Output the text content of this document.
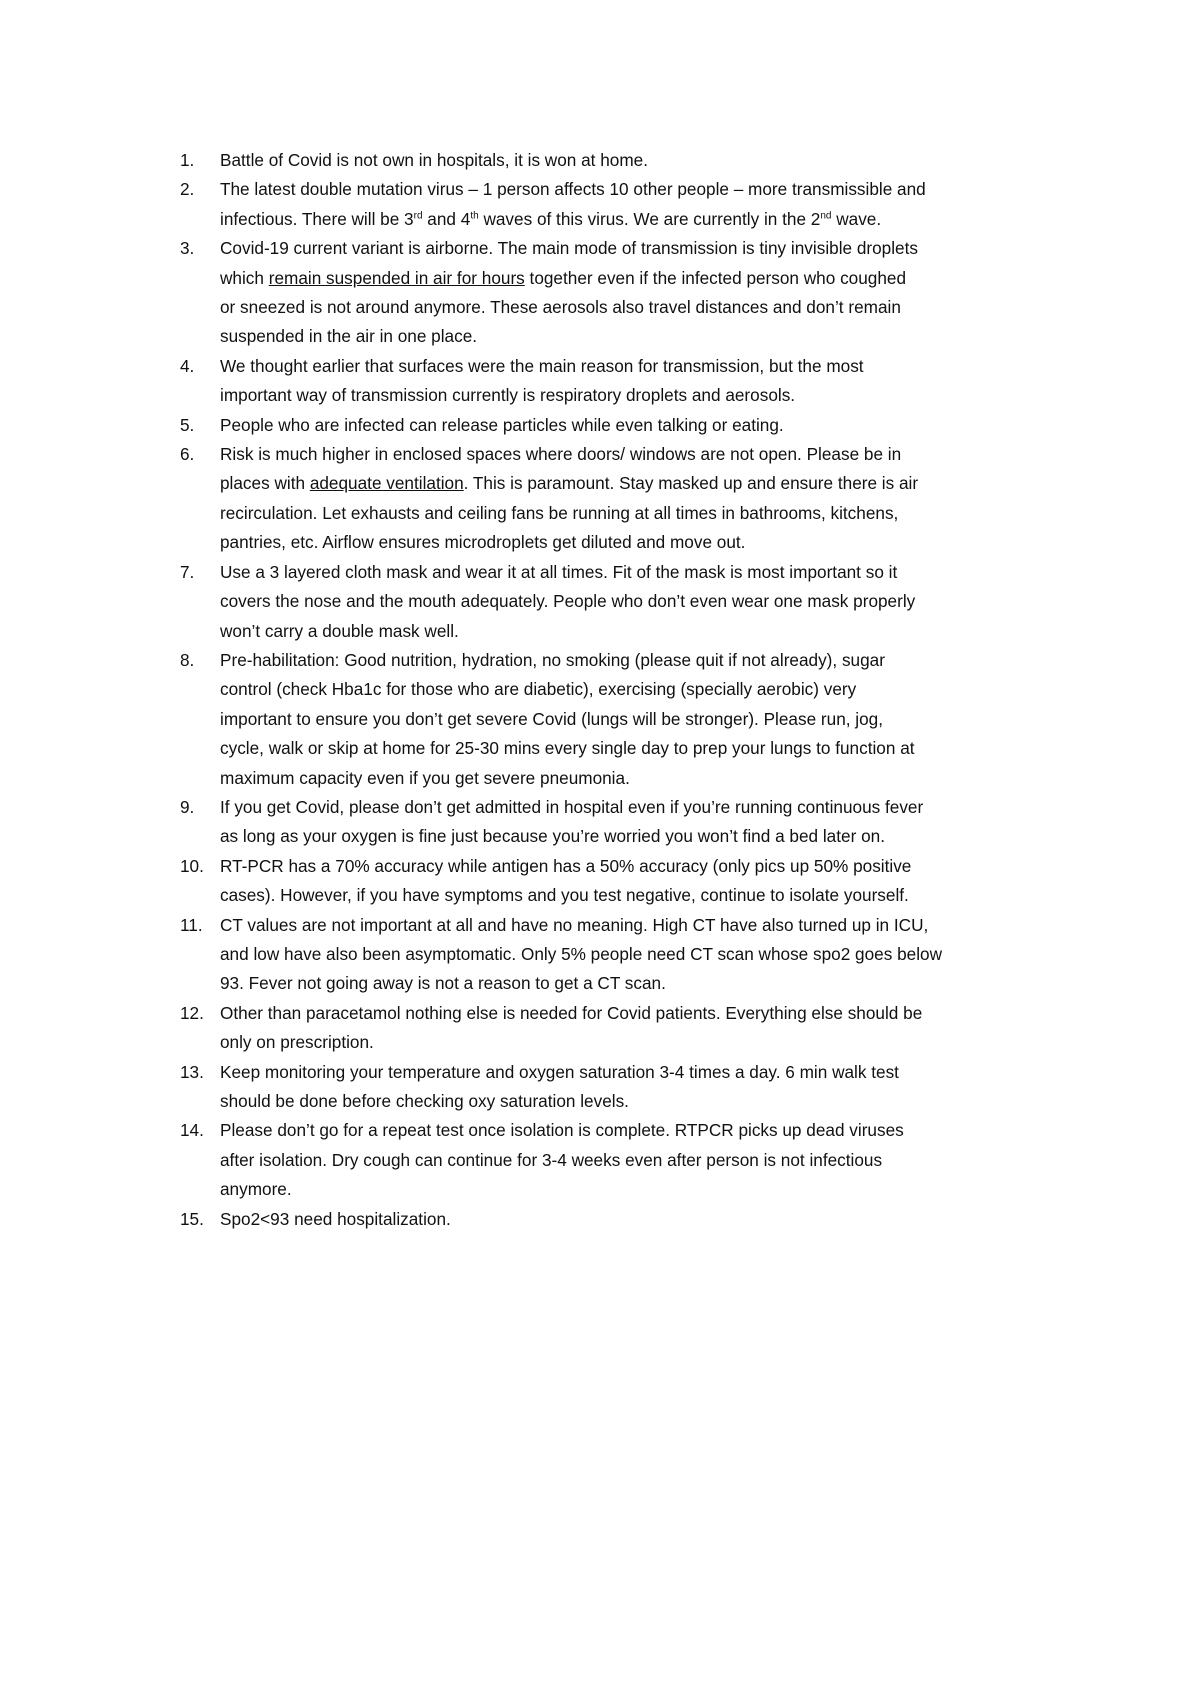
1.	Battle of Covid is not own in hospitals, it is won at home.
2.	The latest double mutation virus – 1 person affects 10 other people – more transmissible and
infectious. There will be 3rd and 4th waves of this virus. We are currently in the 2nd wave.
3.	Covid-19 current variant is airborne. The main mode of transmission is tiny invisible droplets
which remain suspended in air for hours together even if the infected person who coughed
or sneezed is not around anymore. These aerosols also travel distances and don’t remain
suspended in the air in one place.
4.	We thought earlier that surfaces were the main reason for transmission, but the most
important way of transmission currently is respiratory droplets and aerosols.
5.	People who are infected can release particles while even talking or eating.
6.	Risk is much higher in enclosed spaces where doors/ windows are not open. Please be in
places with adequate ventilation. This is paramount. Stay masked up and ensure there is air
recirculation. Let exhausts and ceiling fans be running at all times in bathrooms, kitchens,
pantries, etc. Airflow ensures microdroplets get diluted and move out.
7.	Use a 3 layered cloth mask and wear it at all times. Fit of the mask is most important so it
covers the nose and the mouth adequately. People who don’t even wear one mask properly
won’t carry a double mask well.
8.	Pre-habilitation: Good nutrition, hydration, no smoking (please quit if not already), sugar
control (check Hba1c for those who are diabetic), exercising (specially aerobic) very
important to ensure you don’t get severe Covid (lungs will be stronger). Please run, jog,
cycle, walk or skip at home for 25-30 mins every single day to prep your lungs to function at
maximum capacity even if you get severe pneumonia.
9.	If you get Covid, please don’t get admitted in hospital even if you’re running continuous fever
as long as your oxygen is fine just because you’re worried you won’t find a bed later on.
10. RT-PCR has a 70% accuracy while antigen has a 50% accuracy (only pics up 50% positive
cases). However, if you have symptoms and you test negative, continue to isolate yourself.
11.	CT values are not important at all and have no meaning. High CT have also turned up in ICU,
and low have also been asymptomatic. Only 5% people need CT scan whose spo2 goes below
93. Fever not going away is not a reason to get a CT scan.
12. Other than paracetamol nothing else is needed for Covid patients. Everything else should be
only on prescription.
13. Keep monitoring your temperature and oxygen saturation 3-4 times a day. 6 min walk test
should be done before checking oxy saturation levels.
14. Please don’t go for a repeat test once isolation is complete. RTPCR picks up dead viruses
after isolation. Dry cough can continue for 3-4 weeks even after person is not infectious
anymore.
15. Spo2<93 need hospitalization.
